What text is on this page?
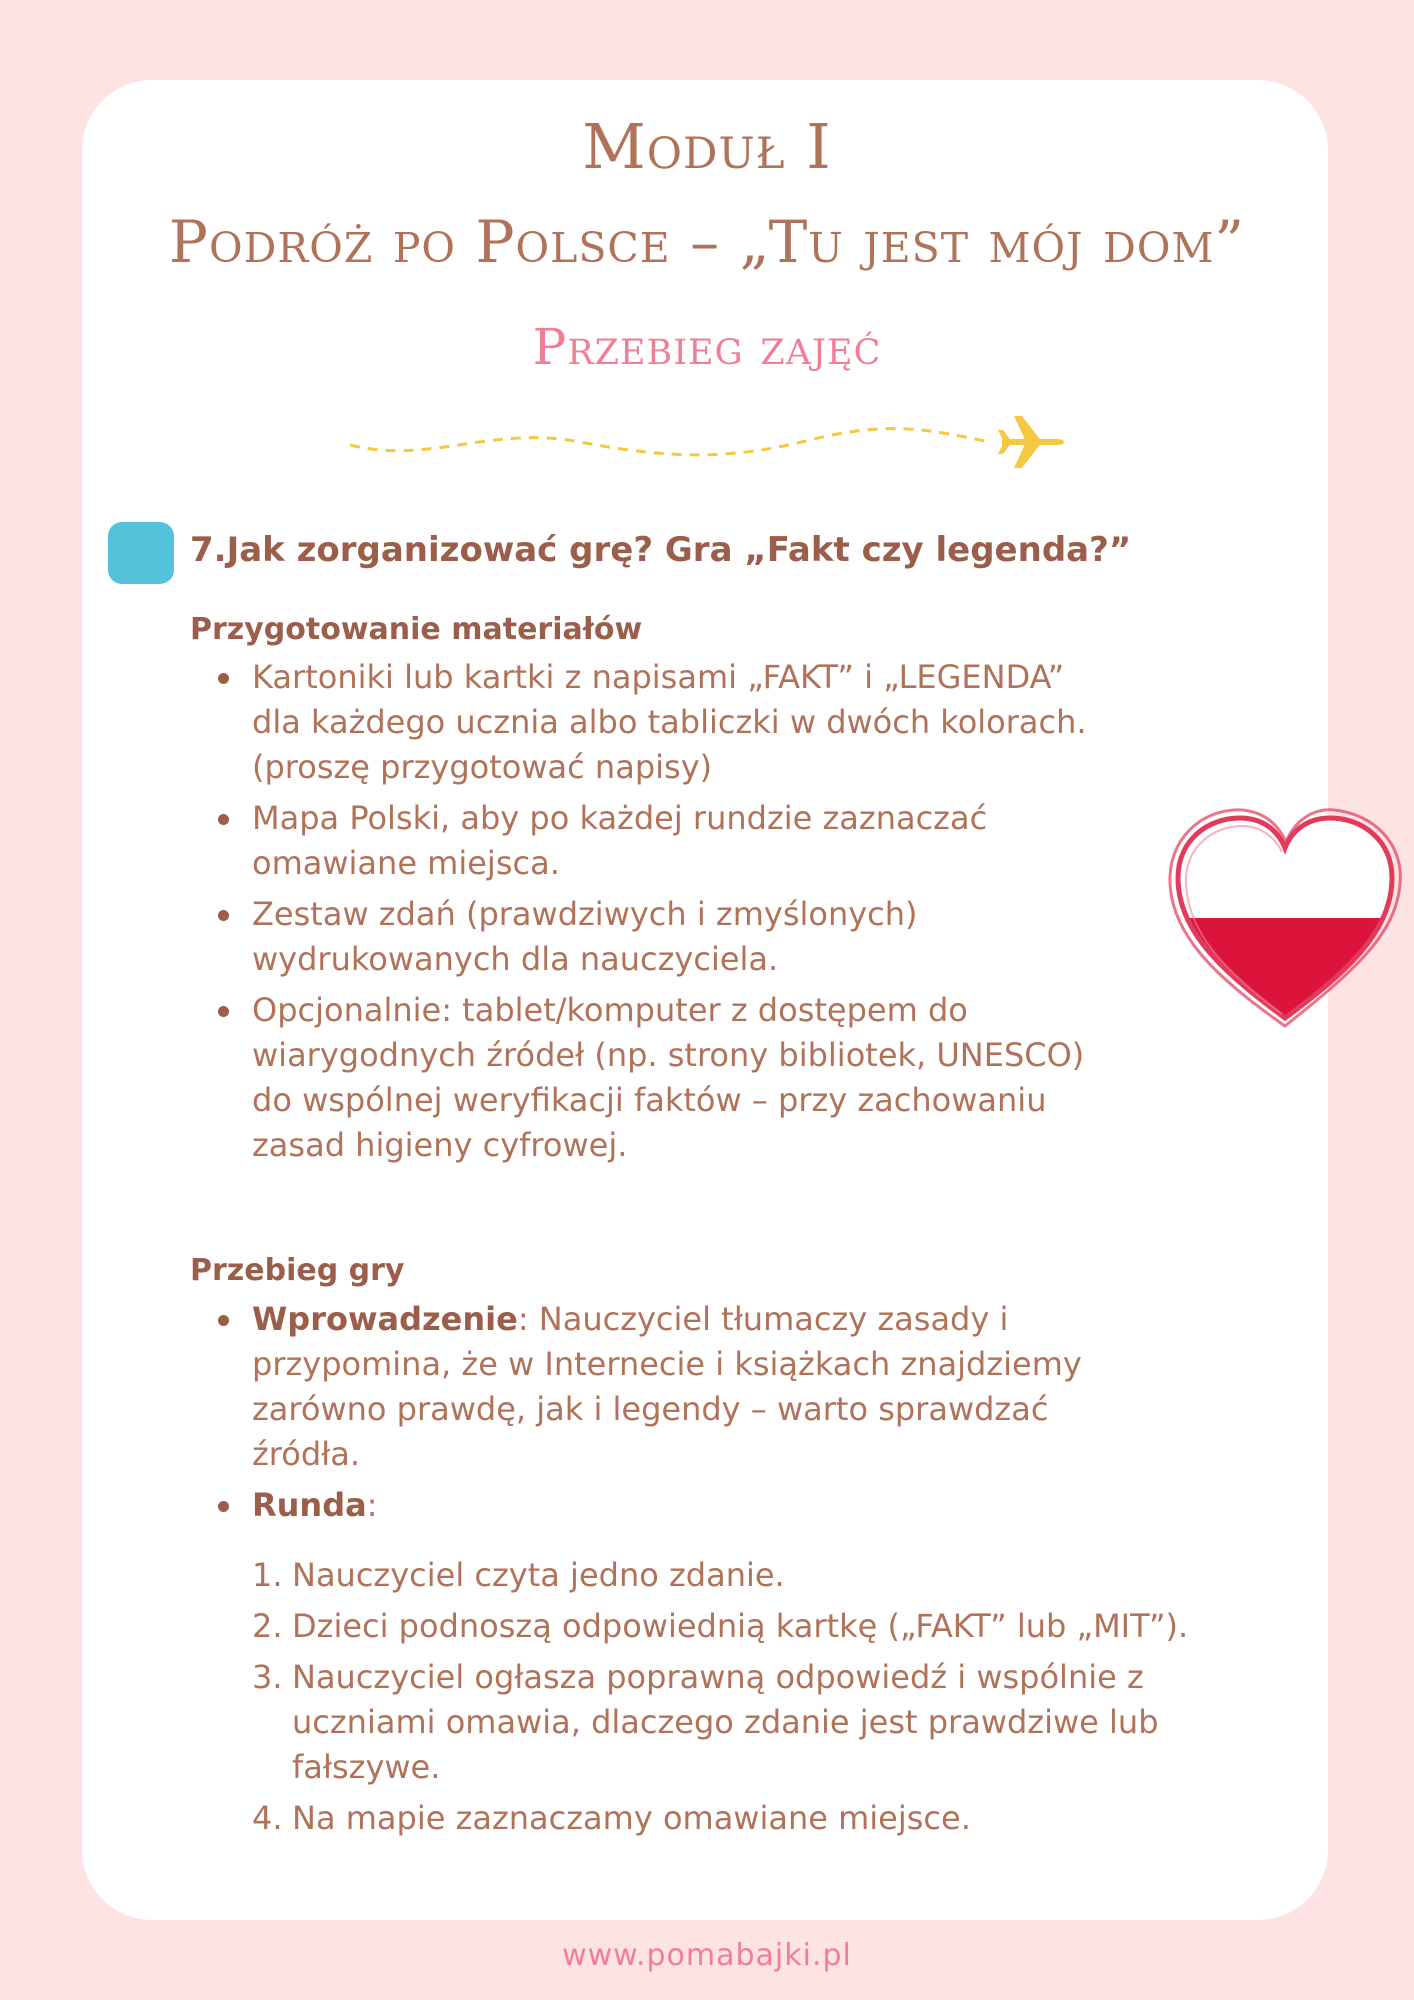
Moduł I
Podróż po Polsce – „Tu jest mój dom”
Przebieg zajęć
7.Jak zorganizować grę? Gra „Fakt czy legenda?”
Przygotowanie materiałów
Kartoniki lub kartki z napisami „FAKT” i „LEGENDA”
dla każdego ucznia albo tabliczki w dwóch kolorach.
(proszę przygotować napisy)
Mapa Polski, aby po każdej rundzie zaznaczać
omawiane miejsca.
Zestaw zdań (prawdziwych i zmyślonych)
wydrukowanych dla nauczyciela.
Opcjonalnie: tablet/komputer z dostępem do
wiarygodnych źródeł (np. strony bibliotek, UNESCO)
do wspólnej weryfikacji faktów – przy zachowaniu
zasad higieny cyfrowej.
Przebieg gry
Wprowadzenie: Nauczyciel tłumaczy zasady i
przypomina, że w Internecie i książkach znajdziemy
zarówno prawdę, jak i legendy – warto sprawdzać
źródła.
Runda:
1. Nauczyciel czyta jedno zdanie.
2. Dzieci podnoszą odpowiednią kartkę („FAKT” lub „MIT”).
3. Nauczyciel ogłasza poprawną odpowiedź i wspólnie z
uczniami omawia, dlaczego zdanie jest prawdziwe lub
fałszywe.
4. Na mapie zaznaczamy omawiane miejsce.
www.pomabajki.pl
